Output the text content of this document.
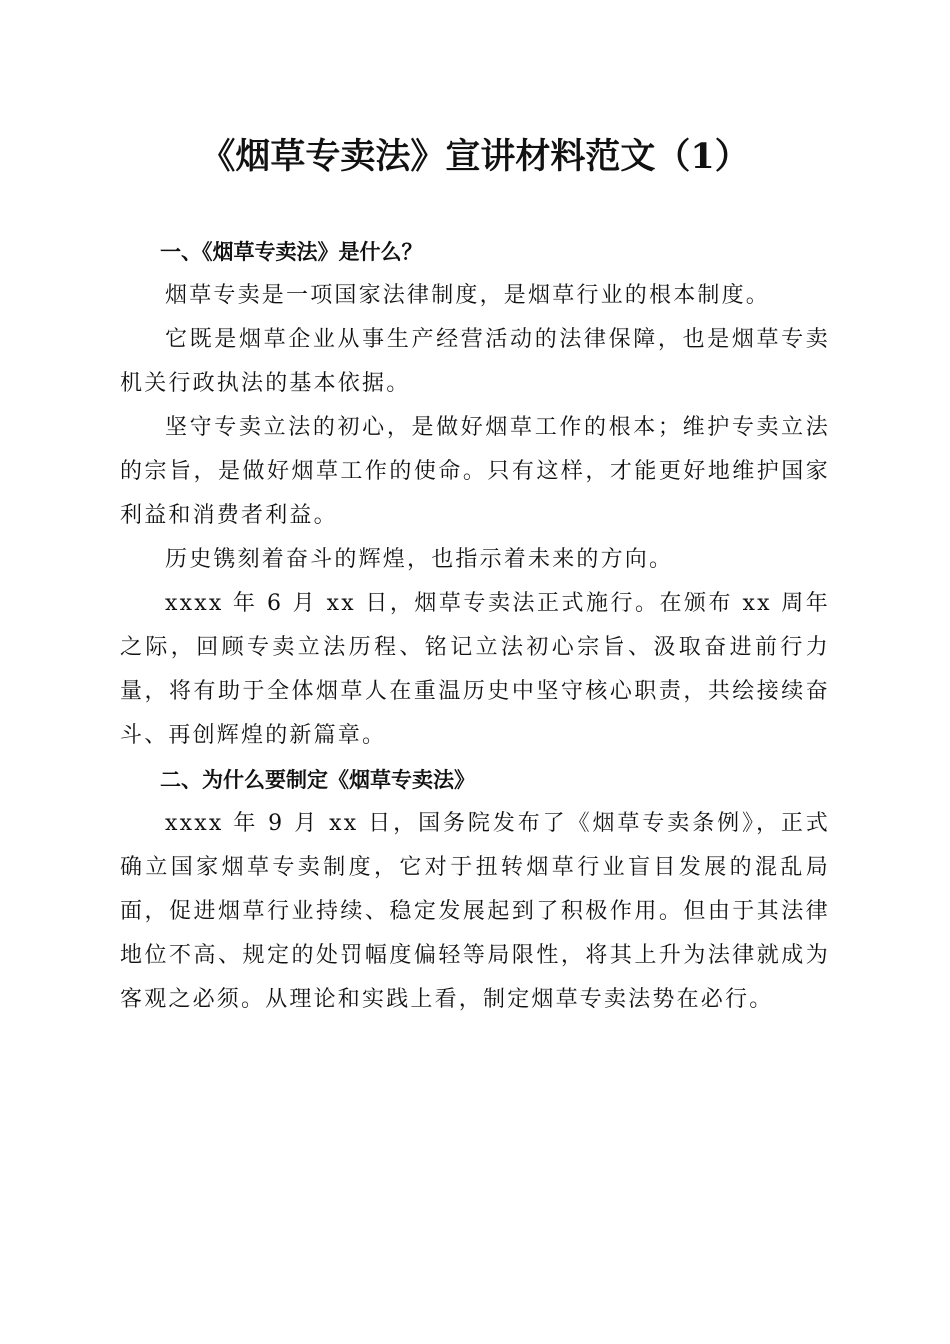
《烟草专卖法》宣讲材料范文（1）
一、《烟草专卖法》是什么？

烟草专卖是一项国家法律制度，是烟草行业的根本制度。

它既是烟草企业从事生产经营活动的法律保障，也是烟草专卖机关行政执法的基本依据。

坚守专卖立法的初心，是做好烟草工作的根本；维护专卖立法的宗旨，是做好烟草工作的使命。只有这样，才能更好地维护国家利益和消费者利益。

历史镌刻着奋斗的辉煌，也指示着未来的方向。

xxxx 年 6 月 xx 日，烟草专卖法正式施行。在颁布 xx 周年之际，回顾专卖立法历程、铭记立法初心宗旨、汲取奋进前行力量，将有助于全体烟草人在重温历史中坚守核心职责，共绘接续奋斗、再创辉煌的新篇章。

二、为什么要制定《烟草专卖法》

xxxx 年 9 月 xx 日，国务院发布了《烟草专卖条例》，正式确立国家烟草专卖制度，它对于扭转烟草行业盲目发展的混乱局面，促进烟草行业持续、稳定发展起到了积极作用。但由于其法律地位不高、规定的处罚幅度偏轻等局限性，将其上升为法律就成为客观之必须。从理论和实践上看，制定烟草专卖法势在必行。
